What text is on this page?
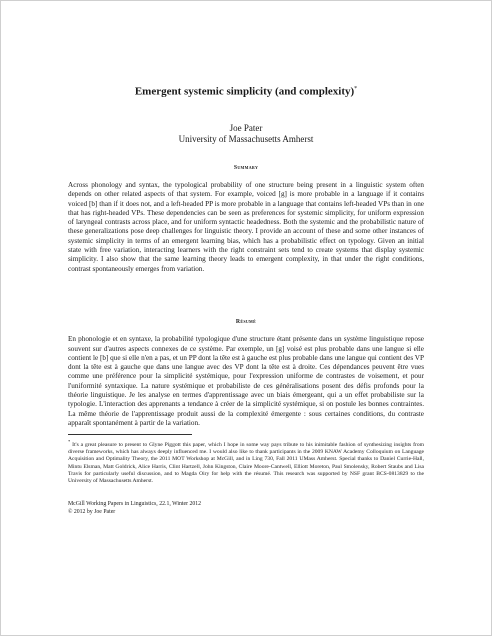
Emergent systemic simplicity (and complexity)*

Joe Pater

University of Massachusetts Amherst

Summary

Across phonology and syntax, the typological probability of one structure being present in a linguistic system often depends on other related aspects of that system. For example, voiced [g] is more probable in a language if it contains voiced [b] than if it does not, and a left-headed PP is more probable in a language that contains left-headed VPs than in one that has right-headed VPs. These dependencies can be seen as preferences for systemic simplicity, for uniform expression of laryngeal contrasts across place, and for uniform syntactic headedness. Both the systemic and the probabilistic nature of these generalizations pose deep challenges for linguistic theory. I provide an account of these and some other instances of systemic simplicity in terms of an emergent learning bias, which has a probabilistic effect on typology. Given an initial state with free variation, interacting learners with the right constraint sets tend to create systems that display systemic simplicity. I also show that the same learning theory leads to emergent complexity, in that under the right conditions, contrast spontaneously emerges from variation.

Résumé

En phonologie et en syntaxe, la probabilité typologique d'une structure étant présente dans un système linguistique repose souvent sur d'autres aspects connexes de ce système. Par exemple, un [g] voisé est plus probable dans une langue si elle contient le [b] que si elle n'en a pas, et un PP dont la tête est à gauche est plus probable dans une langue qui contient des VP dont la tête est à gauche que dans une langue avec des VP dont la tête est à droite. Ces dépendances peuvent être vues comme une préférence pour la simplicité systémique, pour l'expression uniforme de contrastes de voisement, et pour l'uniformité syntaxique. La nature systémique et probabiliste de ces généralisations posent des défis profonds pour la théorie linguistique. Je les analyse en termes d'apprentissage avec un biais émergeant, qui a un effet probabiliste sur la typologie. L'interaction des apprenants a tendance à créer de la simplicité systémique, si on postule les bonnes contraintes. La même théorie de l'apprentissage produit aussi de la complexité émergente : sous certaines conditions, du contraste apparaît spontanément à partir de la variation.

* It's a great pleasure to present to Glyne Piggott this paper, which I hope in some way pays tribute to his inimitable fashion of synthesizing insights from diverse frameworks, which has always deeply influenced me. I would also like to thank participants in the 2009 KNAW Academy Colloquium on Language Acquisition and Optimality Theory, the 2011 MOT Workshop at McGill, and in Ling 730, Fall 2011 UMass Amherst. Special thanks to Daniel Currie-Hall, Mintu Elsman, Matt Goldrick, Alice Harris, Clint Hartzell, John Kingston, Claire Moore-Cantwell, Elliott Moreton, Paul Smolensky, Robert Staubs and Lisa Travis for particularly useful discussion, and to Magda Oiry for help with the résumé. This research was supported by NSF grant BCS-0813829 to the University of Massachusetts Amherst.

McGill Working Papers in Linguistics, 22.1, Winter 2012

© 2012 by Joe Pater
